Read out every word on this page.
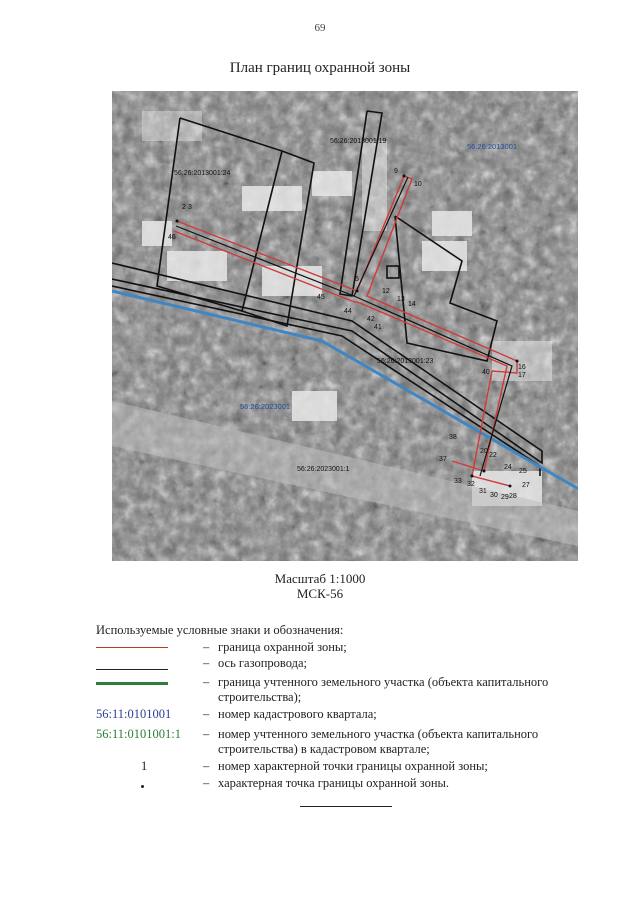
69
План границ охранной зоны
56:26:2013001:19
56:26:2013001:24
56:26:2013001:23
56:26:2023001:1
46
2 3
45
5
44
42
41
12
13
14
9
10
40
16
17
38
37
20
22
24
25
33 32
31
30 29
27
28
56:26:2013001
56:26:2023001
Масштаб 1:1000
МСК-56
Используемые условные знаки и обозначения:
– граница охранной зоны;
– ось газопровода;
– граница учтенного земельного участка (объекта капитального строительства);
56:11:0101001	– номер кадастрового квартала;
56:11:0101001:1	– номер учтенного земельного участка (объекта капитального строительства) в кадастровом квартале;
1	– номер характерной точки границы охранной зоны;
– характерная точка границы охранной зоны.
